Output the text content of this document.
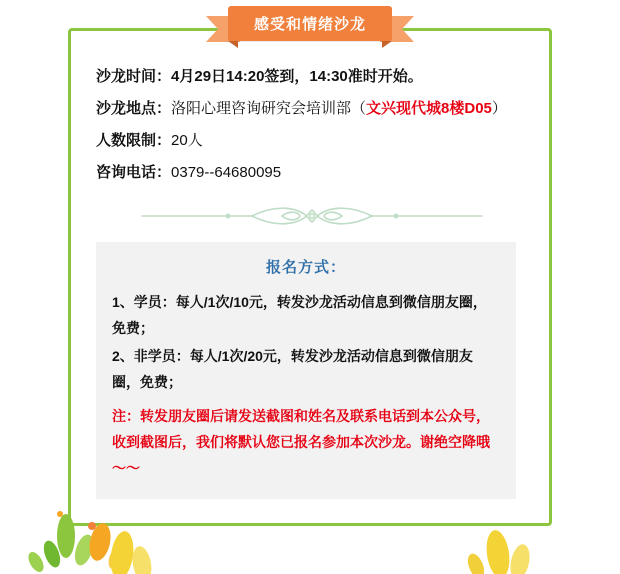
感受和情绪沙龙
沙龙时间：4月29日14:20签到，14:30准时开始。
沙龙地点：洛阳心理咨询研究会培训部（文兴现代城8楼D05）
人数限制：20人
咨询电话：0379--64680095
报名方式：
1、学员：每人/1次/10元，转发沙龙活动信息到微信朋友圈，免费；
2、非学员：每人/1次/20元，转发沙龙活动信息到微信朋友圈，免费；
注：转发朋友圈后请发送截图和姓名及联系电话到本公众号，收到截图后，我们将默认您已报名参加本次沙龙。谢绝空降哦～～
